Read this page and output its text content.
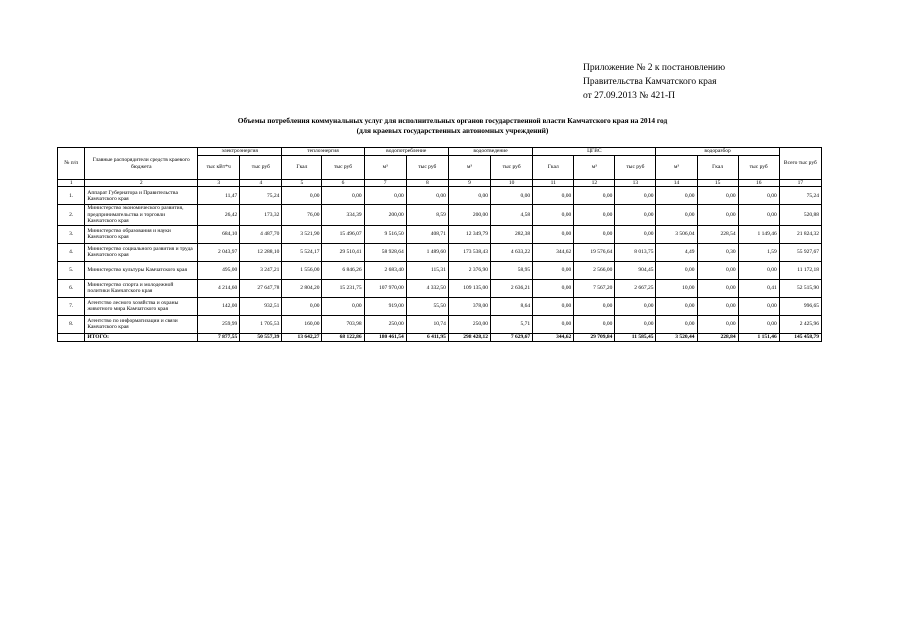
Приложение № 2 к постановлению
Правительства Камчатского края
от 27.09.2013 № 421-П
Объемы потребления коммунальных услуг для исполнительных органов государственной власти Камчатского края на 2014 год
(для краевых государственных автономных учреждений)
№ п/п	Главные распорядители средств краевого бюджета	электроэнергия		теплоэнергия		водопотребление		водоотведение		ЦГВС			водоразбор			Всего тыс руб
		тыс кВт*ч	тыс руб	Гкал	тыс руб	м³	тыс руб	м³	тыс руб	Гкал	м³	тыс руб	м³	Гкал	тыс руб	
1	2	3	4	5	6	7	8	9	10	11	12	13	14	15	16	17
1.	Аппарат Губернатора и Правительства Камчатского края	11,47	75,24	0,00	0,00	0,00	0,00	0,00	0,00	0,00	0,00	0,00	0,00	0,00	0,00	75,24
2.	Министерство экономического развития, предпринимательства и торговли Камчатского края	26,42	173,32	76,00	334,39	200,00	8,59	200,00	4,58	0,00	0,00	0,00	0,00	0,00	0,00	520,88
3.	Министерство образования и науки Камчатского края	684,10	4 487,70	3 521,90	15 496,07	9 516,50	408,71	12 349,79	282,38	0,00	0,00	0,00	3 506,04	228,54	1 149,46	21 824,32
4.	Министерство социального развития и труда Камчатского края	2 043,97	12 288,10	5 524,17	29 510,41	58 928,64	1 489,60	173 538,43	4 633,22	344,62	19 576,64	8 013,75	4,49	0,30	1,59	55 927,67
5.	Министерство культуры Камчатского края	495,00	3 247,21	1 556,00	6 846,26	2 683,40	115,31	2 376,90	58,95	0,00	2 566,00	904,45	0,00	0,00	0,00	11 172,18
6.	Министерство спорта и молодежной политики Камчатского края	4 214,60	27 647,78	2 804,20	15 231,75	107 970,00	4 332,50	109 135,00	2 636,21	0,00	7 567,20	2 667,25	10,00	0,00	0,41	52 515,90
7.	Агентство лесного хозяйства и охраны животного мира Камчатского края	142,00	932,51	0,00	0,00	919,00	55,50	378,00	8,64	0,00	0,00	0,00	0,00	0,00	0,00	996,65
8.	Агентство по информатизации и связи Камчатского края	259,99	1 705,53	160,00	703,98	250,00	10,74	250,00	5,71	0,00	0,00	0,00	0,00	0,00	0,00	2 425,96
	ИТОГО:	7 877,55	50 557,39	13 642,27	68 122,86	180 461,54	6 411,95	298 428,12	7 629,67	344,62	29 709,84	11 585,45	3 520,44	228,84	1 151,46	145 458,79
